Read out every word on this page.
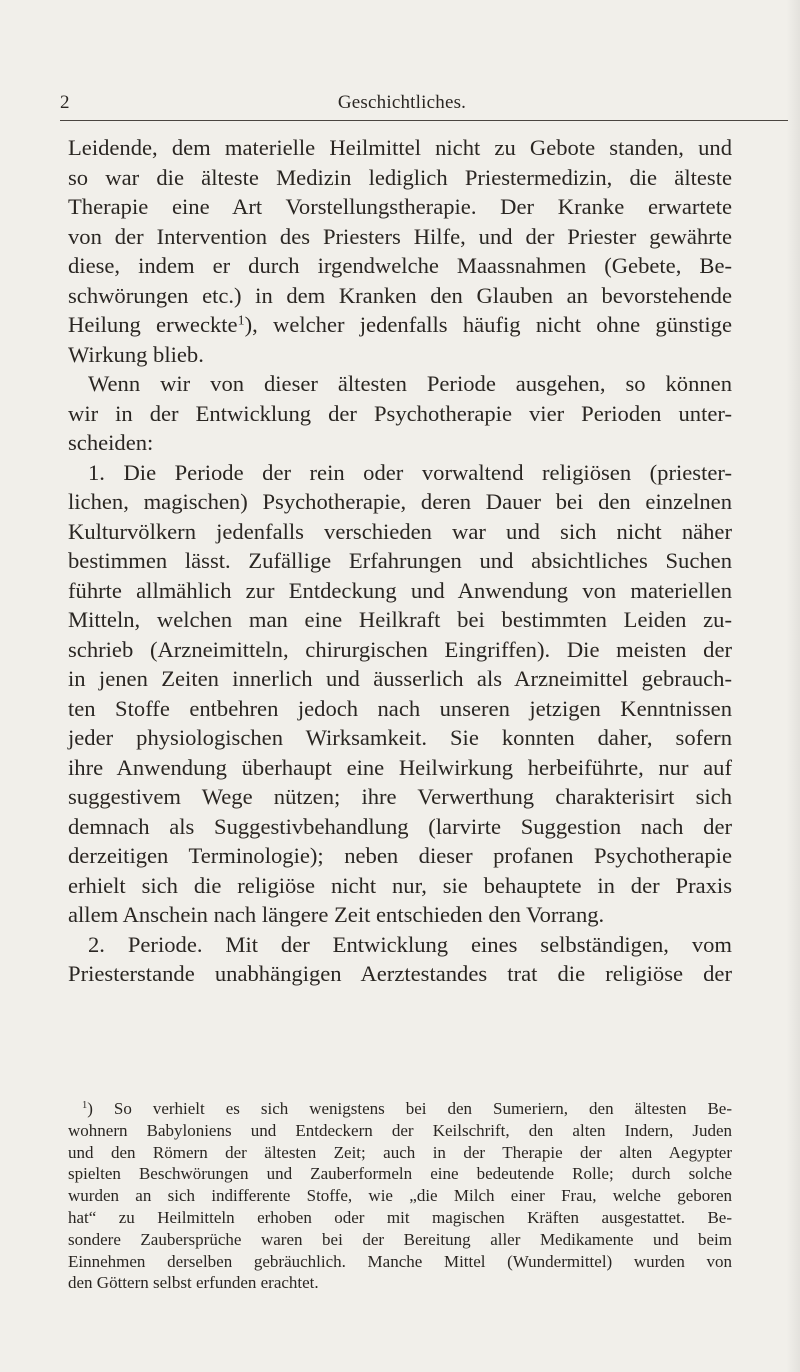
2	Geschichtliches.

Leidende, dem materielle Heilmittel nicht zu Gebote standen, und
so war die älteste Medizin lediglich Priestermedizin, die älteste
Therapie eine Art Vorstellungstherapie. Der Kranke erwartete
von der Intervention des Priesters Hilfe, und der Priester gewährte
diese, indem er durch irgendwelche Maassnahmen (Gebete, Be-
schwörungen etc.) in dem Kranken den Glauben an bevorstehende
Heilung erweckte$^1$), welcher jedenfalls häufig nicht ohne günstige
Wirkung blieb.

Wenn wir von dieser ältesten Periode ausgehen, so können
wir in der Entwicklung der Psychotherapie vier Perioden unter-
scheiden:

1. Die Periode der rein oder vorwaltend religiösen (priester-
lichen, magischen) Psychotherapie, deren Dauer bei den einzelnen
Kulturvölkern jedenfalls verschieden war und sich nicht näher
bestimmen lässt. Zufällige Erfahrungen und absichtliches Suchen
führte allmählich zur Entdeckung und Anwendung von materiellen
Mitteln, welchen man eine Heilkraft bei bestimmten Leiden zu-
schrieb (Arzneimitteln, chirurgischen Eingriffen). Die meisten der
in jenen Zeiten innerlich und äusserlich als Arzneimittel gebrauch-
ten Stoffe entbehren jedoch nach unseren jetzigen Kenntnissen
jeder physiologischen Wirksamkeit. Sie konnten daher, sofern
ihre Anwendung überhaupt eine Heilwirkung herbeiführte, nur auf
suggestivem Wege nützen; ihre Verwerthung charakterisirt sich
demnach als Suggestivbehandlung (larvirte Suggestion nach der
derzeitigen Terminologie); neben dieser profanen Psychotherapie
erhielt sich die religiöse nicht nur, sie behauptete in der Praxis
allem Anschein nach längere Zeit entschieden den Vorrang.

2. Periode. Mit der Entwicklung eines selbständigen, vom
Priesterstande unabhängigen Aerztestandes trat die religiöse der

$^1$) So verhielt es sich wenigstens bei den Sumeriern, den ältesten Be-
wohnern Babyloniens und Entdeckern der Keilschrift, den alten Indern, Juden
und den Römern der ältesten Zeit; auch in der Therapie der alten Aegypter
spielten Beschwörungen und Zauberformeln eine bedeutende Rolle; durch solche
wurden an sich indifferente Stoffe, wie „die Milch einer Frau, welche geboren
hat“ zu Heilmitteln erhoben oder mit magischen Kräften ausgestattet. Be-
sondere Zaubersprüche waren bei der Bereitung aller Medikamente und beim
Einnehmen derselben gebräuchlich. Manche Mittel (Wundermittel) wurden von
den Göttern selbst erfunden erachtet.
